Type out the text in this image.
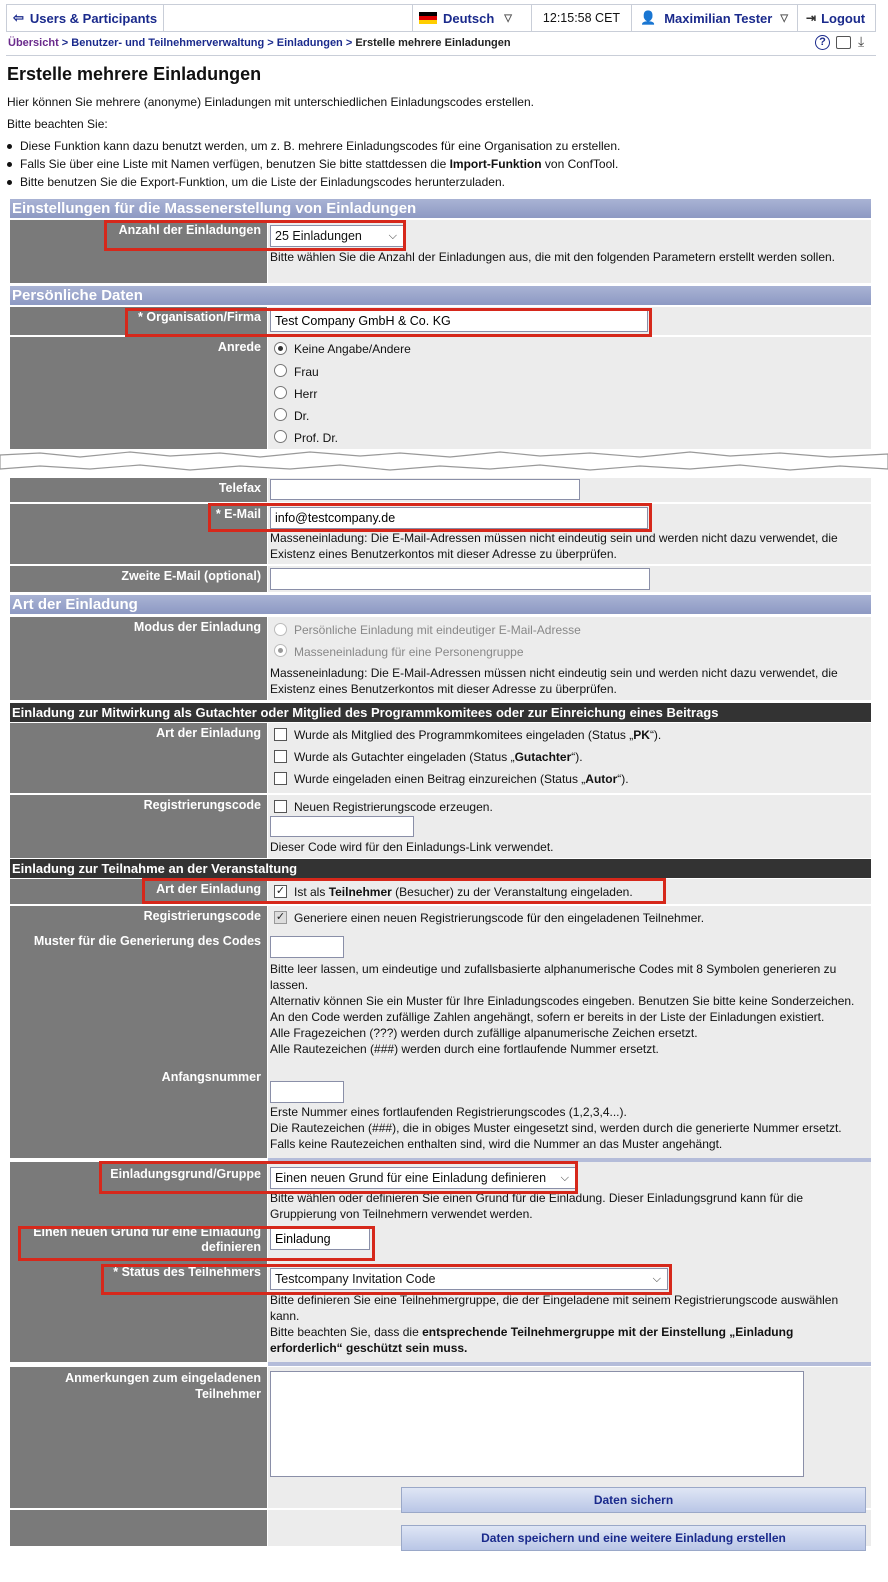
⇦ Users & Participants	Deutsch ▽	12:15:58 CET	👤 Maximilian Tester ▽ ⇥ Logout
Übersicht > Benutzer- und Teilnehmerverwaltung > Einladungen > Erstelle mehrere Einladungen	? ⤓
Erstelle mehrere Einladungen
Hier können Sie mehrere (anonyme) Einladungen mit unterschiedlichen Einladungscodes erstellen.
Bitte beachten Sie:
Diese Funktion kann dazu benutzt werden, um z. B. mehrere Einladungscodes für eine Organisation zu erstellen.
Falls Sie über eine Liste mit Namen verfügen, benutzen Sie bitte stattdessen die Import-Funktion von ConfTool.
Bitte benutzen Sie die Export-Funktion, um die Liste der Einladungscodes herunterzuladen.
Einstellungen für die Massenerstellung von Einladungen
Anzahl der Einladungen	25 Einladungen ⌵
Bitte wählen Sie die Anzahl der Einladungen aus, die mit den folgenden Parametern erstellt werden sollen.
Persönliche Daten
* Organisation/Firma
Test Company GmbH & Co. KG
Anrede	Keine Angabe/Andere
Frau
Herr
Dr.
Prof. Dr.
Telefax
* E-Mail
info@testcompany.de
Masseneinladung: Die E-Mail-Adressen müssen nicht eindeutig sein und werden nicht dazu verwendet, die Existenz eines Benutzerkontos mit dieser Adresse zu überprüfen.
Zweite E-Mail (optional)
Art der Einladung
Modus der Einladung	Persönliche Einladung mit eindeutiger E-Mail-Adresse
Masseneinladung für eine Personengruppe
Masseneinladung: Die E-Mail-Adressen müssen nicht eindeutig sein und werden nicht dazu verwendet, die Existenz eines Benutzerkontos mit dieser Adresse zu überprüfen.
Einladung zur Mitwirkung als Gutachter oder Mitglied des Programmkomitees oder zur Einreichung eines Beitrags
Art der Einladung	Wurde als Mitglied des Programmkomitees eingeladen (Status „PK“).
Wurde als Gutachter eingeladen (Status „Gutachter“).
Wurde eingeladen einen Beitrag einzureichen (Status „Autor“).
Registrierungscode	Neuen Registrierungscode erzeugen.
Dieser Code wird für den Einladungs-Link verwendet.
Einladung zur Teilnahme an der Veranstaltung
Art der Einladung	✓ Ist als Teilnehmer (Besucher) zu der Veranstaltung eingeladen.
Registrierungscode
Muster für die Generierung des Codes
Anfangsnummer
✓ Generiere einen neuen Registrierungscode für den eingeladenen Teilnehmer.
Bitte leer lassen, um eindeutige und zufallsbasierte alphanumerische Codes mit 8 Symbolen generieren zu lassen.
Alternativ können Sie ein Muster für Ihre Einladungscodes eingeben. Benutzen Sie bitte keine Sonderzeichen.
An den Code werden zufällige Zahlen angehängt, sofern er bereits in der Liste der Einladungen existiert.
Alle Fragezeichen (???) werden durch zufällige alpanumerische Zeichen ersetzt.
Alle Rautezeichen (###) werden durch eine fortlaufende Nummer ersetzt.
Erste Nummer eines fortlaufenden Registrierungscodes (1,2,3,4...).
Die Rautezeichen (###), die in obiges Muster eingesetzt sind, werden durch die generierte Nummer ersetzt. Falls keine Rautezeichen enthalten sind, wird die Nummer an das Muster angehängt.
Einladungsgrund/Gruppe
Einen neuen Grund für eine Einladung definieren
* Status des Teilnehmers
Einen neuen Grund für eine Einladung definieren ⌵
Bitte wählen oder definieren Sie einen Grund für die Einladung. Dieser Einladungsgrund kann für die Gruppierung von Teilnehmern verwendet werden.
Einladung
Testcompany Invitation Code	⌵
Bitte definieren Sie eine Teilnehmergruppe, die der Eingeladene mit seinem Registrierungscode auswählen kann.
Bitte beachten Sie, dass die entsprechende Teilnehmergruppe mit der Einstellung „Einladung erforderlich“ geschützt sein muss.
Anmerkungen zum eingeladenen Teilnehmer
Daten sichern
Daten speichern und eine weitere Einladung erstellen
